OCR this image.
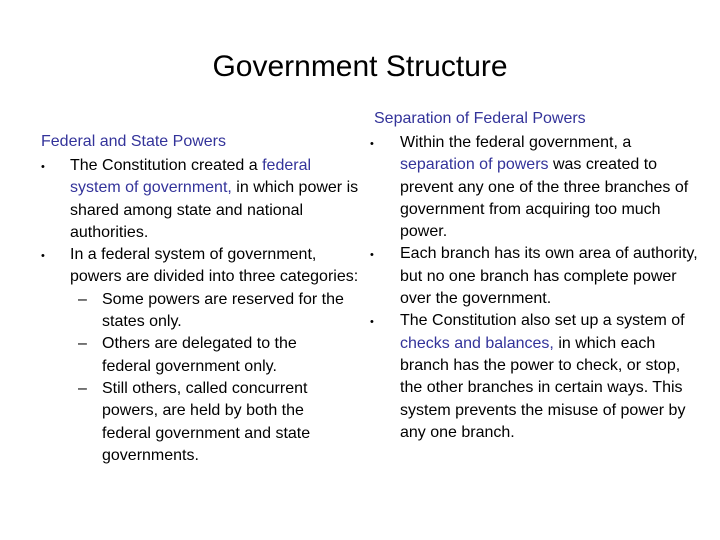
Government Structure
Federal and State Powers
• The Constitution created a federal system of government, in which power is shared among state and national authorities.
• In a federal system of government, powers are divided into three categories:
– Some powers are reserved for the states only.
– Others are delegated to the federal government only.
– Still others, called concurrent powers, are held by both the federal government and state governments.
Separation of Federal Powers
• Within the federal government, a separation of powers was created to prevent any one of the three branches of government from acquiring too much power.
• Each branch has its own area of authority, but no one branch has complete power over the government.
• The Constitution also set up a system of checks and balances, in which each branch has the power to check, or stop, the other branches in certain ways. This system prevents the misuse of power by any one branch.
